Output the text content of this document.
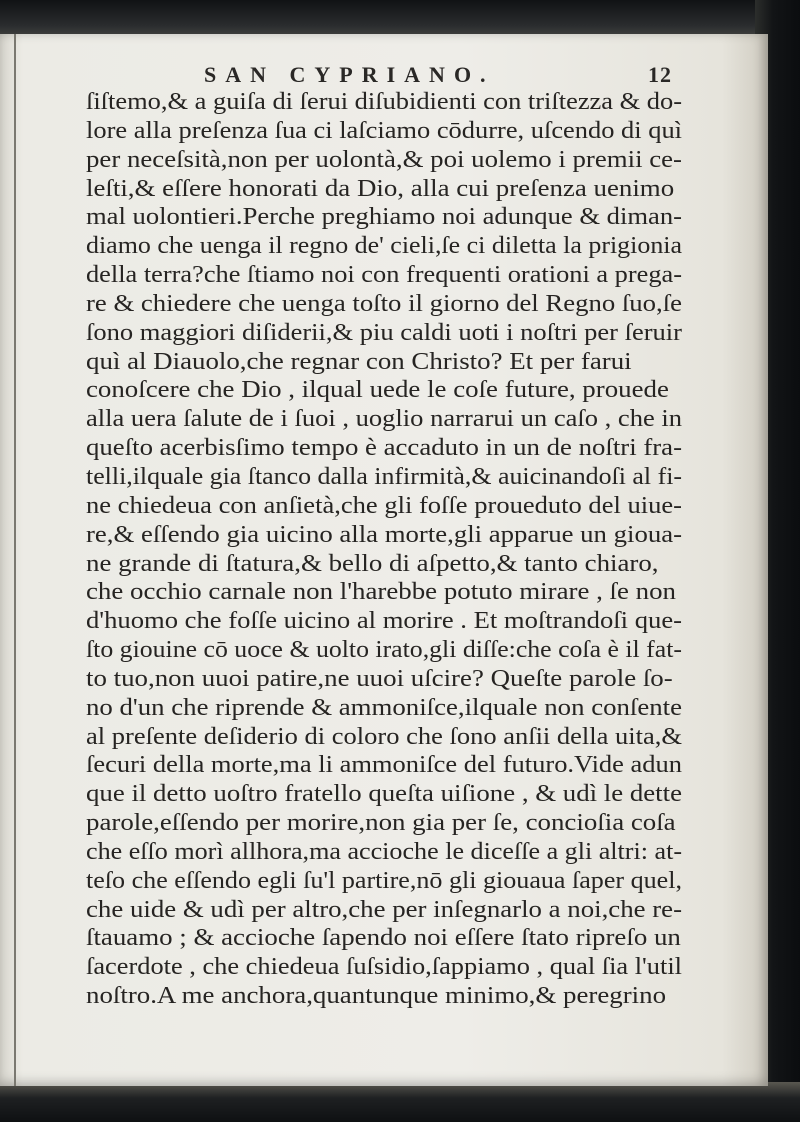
SAN CYPRIANO.	12
ſiſtemo,& a guiſa di ſerui diſubidienti con triſtezza & do-
lore alla preſenza ſua ci laſciamo cōdurre, uſcendo di quì
per neceſsità,non per uolontà,& poi uolemo i premii ce-
leſti,& eſſere honorati da Dio, alla cui preſenza uenimo
mal uolontieri.Perche preghiamo noi adunque & diman-
diamo che uenga il regno de' cieli,ſe ci diletta la prigionia
della terra?che ſtiamo noi con frequenti orationi a prega-
re & chiedere che uenga toſto il giorno del Regno ſuo,ſe
ſono maggiori diſiderii,& piu caldi uoti i noſtri per ſeruir
quì al Diauolo,che regnar con Christo? Et per farui
conoſcere che Dio , ilqual uede le coſe future, prouede
alla uera ſalute de i ſuoi , uoglio narrarui un caſo , che in
queſto acerbisſimo tempo è accaduto in un de noſtri fra-
telli,ilquale gia ſtanco dalla infirmità,& auicinandoſi al fi-
ne chiedeua con anſietà,che gli foſſe proueduto del uiue-
re,& eſſendo gia uicino alla morte,gli apparue un gioua-
ne grande di ſtatura,& bello di aſpetto,& tanto chiaro,
che occhio carnale non l'harebbe potuto mirare , ſe non
d'huomo che foſſe uicino al morire . Et moſtrandoſi que-
ſto giouine cō uoce & uolto irato,gli diſſe:che coſa è il fat-
to tuo,non uuoi patire,ne uuoi uſcire? Queſte parole ſo-
no d'un che riprende & ammoniſce,ilquale non conſente
al preſente deſiderio di coloro che ſono anſii della uita,&
ſecuri della morte,ma li ammoniſce del futuro.Vide adun
que il detto uoſtro fratello queſta uiſione , & udì le dette
parole,eſſendo per morire,non gia per ſe, concioſia coſa
che eſſo morì allhora,ma accioche le diceſſe a gli altri: at-
teſo che eſſendo egli ſu'l partire,nō gli giouaua ſaper quel,
che uide & udì per altro,che per inſegnarlo a noi,che re-
ſtauamo ; & accioche ſapendo noi eſſere ſtato ripreſo un
ſacerdote , che chiedeua ſuſsidio,ſappiamo , qual ſia l'util
noſtro.A me anchora,quantunque minimo,& peregrino
